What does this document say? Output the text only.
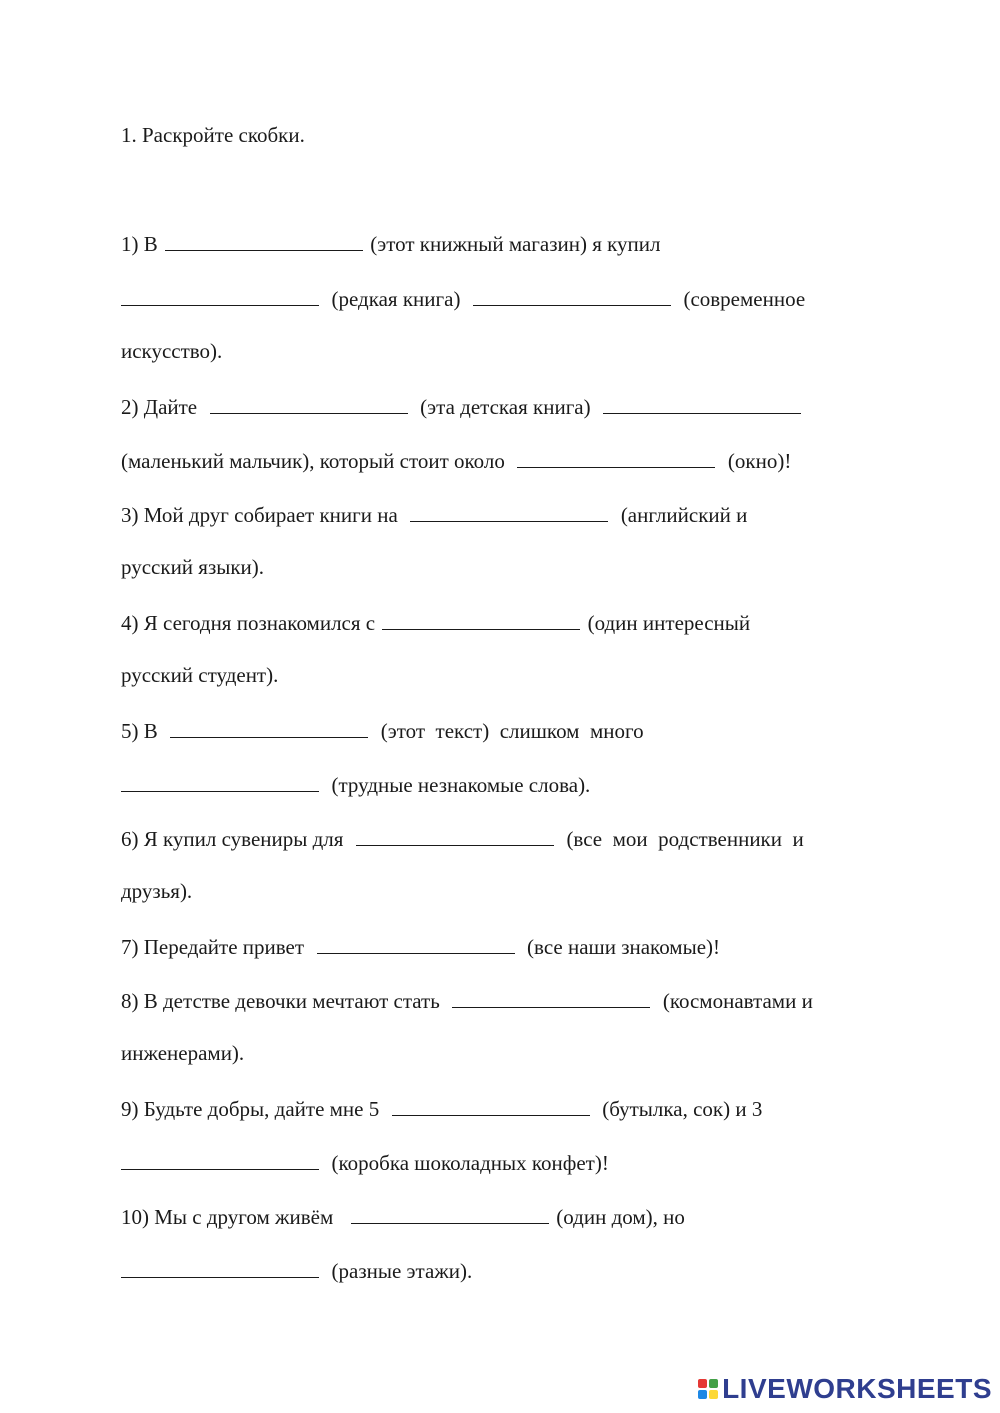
1. Раскройте скобки.
1) В	(этот книжный магазин) я купил
(редкая книга)	(современное
искусство).
2) Дайте	(эта детская книга)
(маленький мальчик), который стоит около	(окно)!
3) Мой друг собирает книги на	(английский и
русский языки).
4) Я сегодня познакомился с	(один интересный
русский студент).
5) В	(этот  текст)  слишком  много
(трудные незнакомые слова).
6) Я купил сувениры для	(все  мои  родственники  и
друзья).
7) Передайте привет	(все наши знакомые)!
8) В детстве девочки мечтают стать	(космонавтами и
инженерами).
9) Будьте добры, дайте мне 5	(бутылка, сок) и 3
(коробка шоколадных конфет)!
10) Мы с другом живём	(один дом), но
(разные этажи).
LIVEWORKSHEETS
